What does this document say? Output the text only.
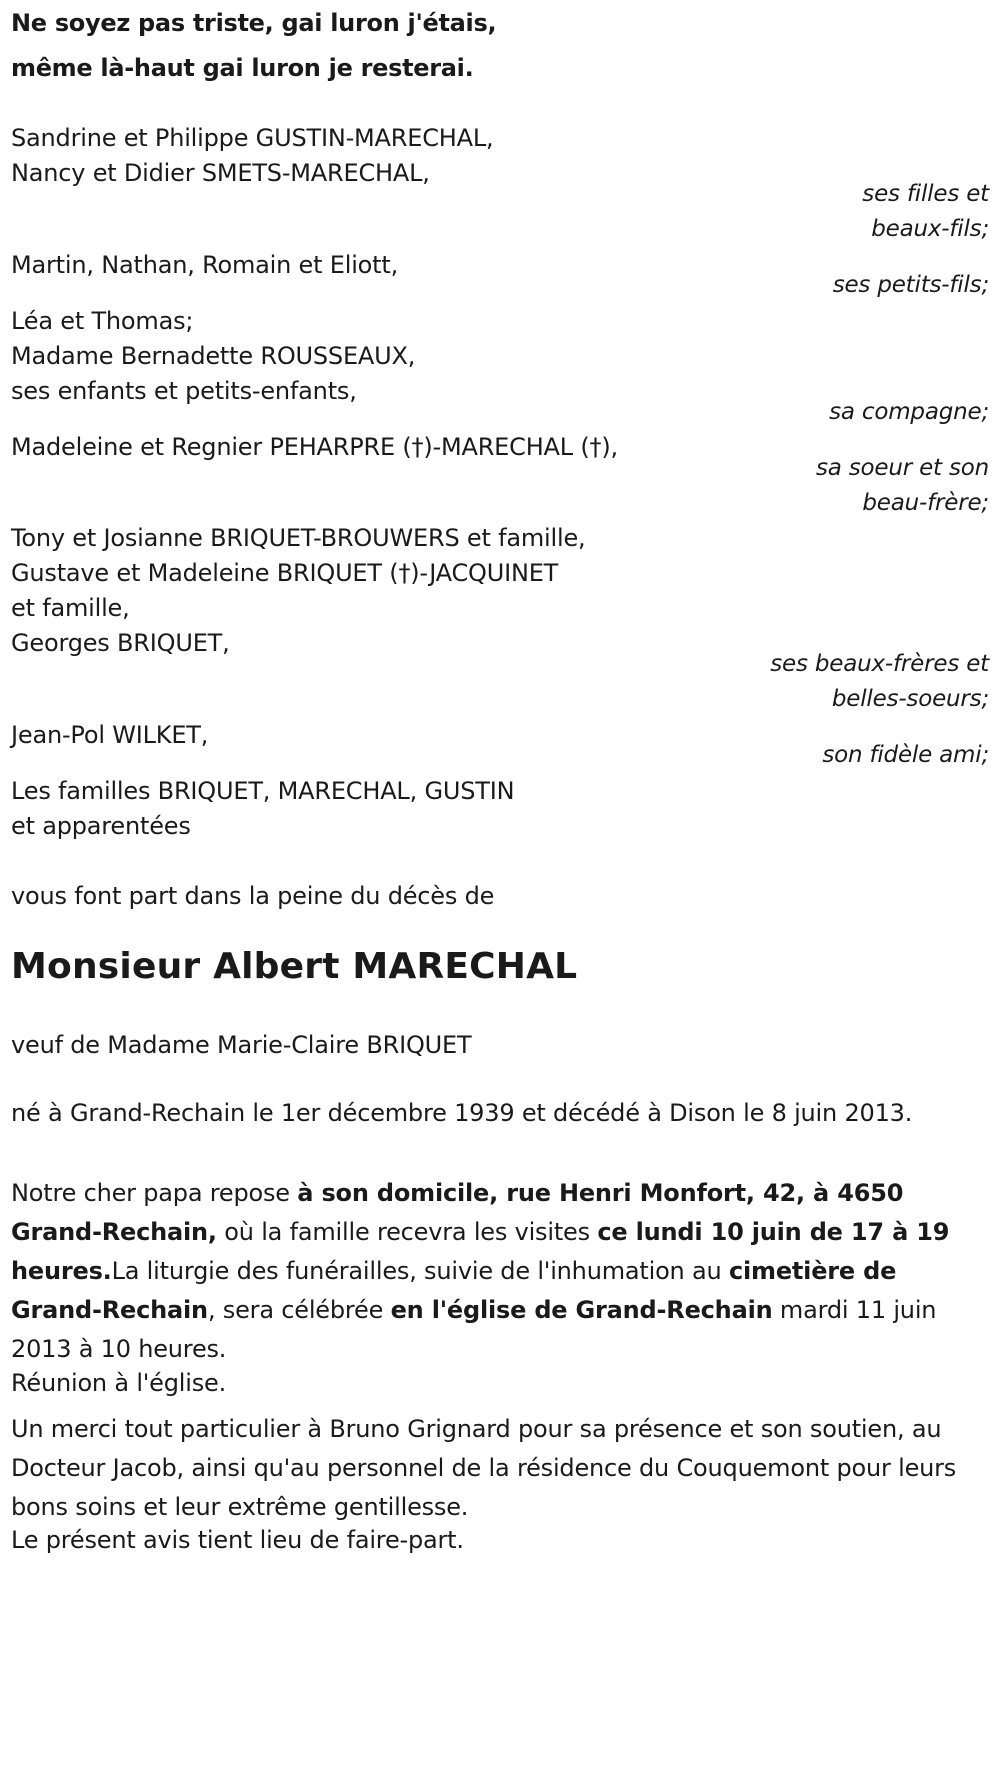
Ne soyez pas triste, gai luron j'étais,
même là-haut gai luron je resterai.
Sandrine et Philippe GUSTIN-MARECHAL,
Nancy et Didier SMETS-MARECHAL,
ses filles et
beaux-fils;
Martin, Nathan, Romain et Eliott,
ses petits-fils;
Léa et Thomas;
Madame Bernadette ROUSSEAUX,
ses enfants et petits-enfants,
sa compagne;
Madeleine et Regnier PEHARPRE (†)-MARECHAL (†),
sa soeur et son
beau-frère;
Tony et Josianne BRIQUET-BROUWERS et famille,
Gustave et Madeleine BRIQUET (†)-JACQUINET
et famille,
Georges BRIQUET,
ses beaux-frères et
belles-soeurs;
Jean-Pol WILKET,
son fidèle ami;
Les familles BRIQUET, MARECHAL, GUSTIN
et apparentées
vous font part dans la peine du décès de
Monsieur Albert MARECHAL
veuf de Madame Marie-Claire BRIQUET
né à Grand-Rechain le 1er décembre 1939 et décédé à Dison le 8 juin 2013.
Notre cher papa repose à son domicile, rue Henri Monfort, 42, à 4650 Grand-Rechain, où la famille recevra les visites ce lundi 10 juin de 17 à 19 heures.La liturgie des funérailles, suivie de l'inhumation au cimetière de Grand-Rechain, sera célébrée en l'église de Grand-Rechain mardi 11 juin 2013 à 10 heures.
Réunion à l'église.
Un merci tout particulier à Bruno Grignard pour sa présence et son soutien, au Docteur Jacob, ainsi qu'au personnel de la résidence du Couquemont pour leurs bons soins et leur extrême gentillesse.
Le présent avis tient lieu de faire-part.
